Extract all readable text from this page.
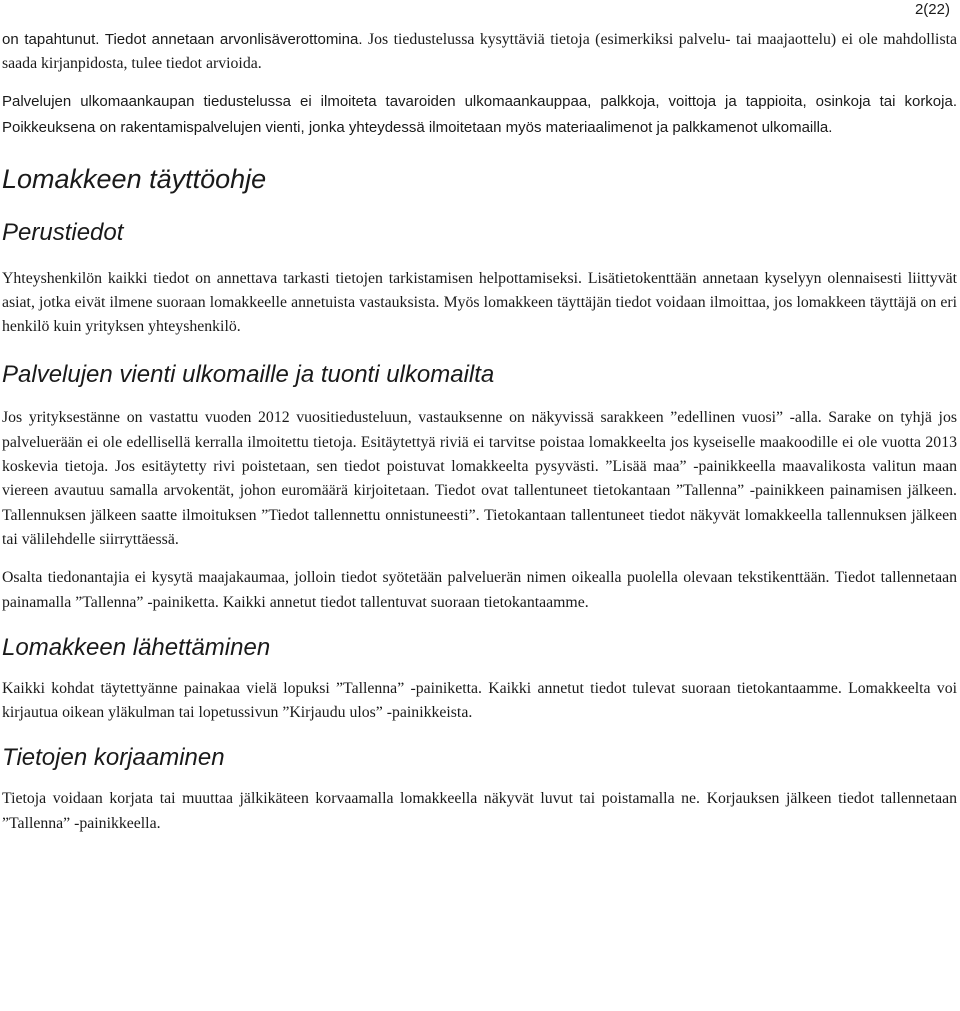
2(22)

on tapahtunut. Tiedot annetaan arvonlisäverottomina. Jos tiedustelussa kysyttäviä tietoja (esimerkiksi palvelu- tai maajaottelu) ei ole mahdollista saada kirjanpidosta, tulee tiedot arvioida.

Palvelujen ulkomaankaupan tiedustelussa ei ilmoiteta tavaroiden ulkomaankauppaa, palkkoja, voittoja ja tappioita, osinkoja tai korkoja. Poikkeuksena on rakentamispalvelujen vienti, jonka yhteydessä ilmoitetaan myös materiaalimenot ja palkkamenot ulkomailla.

Lomakkeen täyttöohje
Perustiedot

Yhteyshenkilön kaikki tiedot on annettava tarkasti tietojen tarkistamisen helpottamiseksi. Lisätietokenttään annetaan kyselyyn olennaisesti liittyvät asiat, jotka eivät ilmene suoraan lomakkeelle annetuista vastauksista. Myös lomakkeen täyttäjän tiedot voidaan ilmoittaa, jos lomakkeen täyttäjä on eri henkilö kuin yrityksen yhteyshenkilö.

Palvelujen vienti ulkomaille ja tuonti ulkomailta

Jos yrityksestänne on vastattu vuoden 2012 vuositiedusteluun, vastauksenne on näkyvissä sarakkeen ”edellinen vuosi” -alla. Sarake on tyhjä jos palveluerään ei ole edellisellä kerralla ilmoitettu tietoja. Esitäytettyä riviä ei tarvitse poistaa lomakkeelta jos kyseiselle maakoodille ei ole vuotta 2013 koskevia tietoja. Jos esitäytetty rivi poistetaan, sen tiedot poistuvat lomakkeelta pysyvästi. ”Lisää maa” -painikkeella maavalikosta valitun maan viereen avautuu samalla arvokentät, johon euromäärä kirjoitetaan. Tiedot ovat tallentuneet tietokantaan ”Tallenna” -painikkeen painamisen jälkeen. Tallennuksen jälkeen saatte ilmoituksen ”Tiedot tallennettu onnistuneesti”. Tietokantaan tallentuneet tiedot näkyvät lomakkeella tallennuksen jälkeen tai välilehdelle siirryttäessä.

Osalta tiedonantajia ei kysytä maajakaumaa, jolloin tiedot syötetään palveluerän nimen oikealla puolella olevaan tekstikenttään. Tiedot tallennetaan painamalla ”Tallenna” -painiketta. Kaikki annetut tiedot tallentuvat suoraan tietokantaamme.

Lomakkeen lähettäminen

Kaikki kohdat täytettyänne painakaa vielä lopuksi ”Tallenna” -painiketta. Kaikki annetut tiedot tulevat suoraan tietokantaamme. Lomakkeelta voi kirjautua oikean yläkulman tai lopetussivun ”Kirjaudu ulos” -painikkeista.

Tietojen korjaaminen

Tietoja voidaan korjata tai muuttaa jälkikäteen korvaamalla lomakkeella näkyvät luvut tai poistamalla ne. Korjauksen jälkeen tiedot tallennetaan ”Tallenna” -painikkeella.
